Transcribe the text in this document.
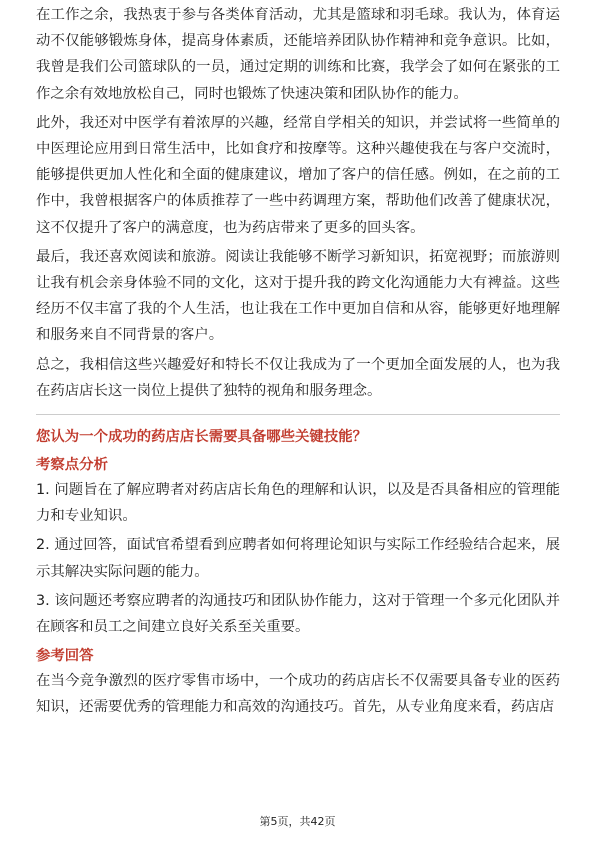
在工作之余，我热衷于参与各类体育活动，尤其是篮球和羽毛球。我认为，体育运动不仅能够锻炼身体，提高身体素质，还能培养团队协作精神和竞争意识。比如，我曾是我们公司篮球队的一员，通过定期的训练和比赛，我学会了如何在紧张的工作之余有效地放松自己，同时也锻炼了快速决策和团队协作的能力。

此外，我还对中医学有着浓厚的兴趣，经常自学相关的知识，并尝试将一些简单的中医理论应用到日常生活中，比如食疗和按摩等。这种兴趣使我在与客户交流时，能够提供更加人性化和全面的健康建议，增加了客户的信任感。例如，在之前的工作中，我曾根据客户的体质推荐了一些中药调理方案，帮助他们改善了健康状况，这不仅提升了客户的满意度，也为药店带来了更多的回头客。

最后，我还喜欢阅读和旅游。阅读让我能够不断学习新知识，拓宽视野；而旅游则让我有机会亲身体验不同的文化，这对于提升我的跨文化沟通能力大有裨益。这些经历不仅丰富了我的个人生活，也让我在工作中更加自信和从容，能够更好地理解和服务来自不同背景的客户。

总之，我相信这些兴趣爱好和特长不仅让我成为了一个更加全面发展的人，也为我在药店店长这一岗位上提供了独特的视角和服务理念。

您认为一个成功的药店店长需要具备哪些关键技能？
考察点分析

1. 问题旨在了解应聘者对药店店长角色的理解和认识，以及是否具备相应的管理能力和专业知识。

2. 通过回答，面试官希望看到应聘者如何将理论知识与实际工作经验结合起来，展示其解决实际问题的能力。

3. 该问题还考察应聘者的沟通技巧和团队协作能力，这对于管理一个多元化团队并在顾客和员工之间建立良好关系至关重要。

参考回答

在当今竞争激烈的医疗零售市场中，一个成功的药店店长不仅需要具备专业的医药知识，还需要优秀的管理能力和高效的沟通技巧。首先，从专业角度来看，药店店

第5页，共42页
